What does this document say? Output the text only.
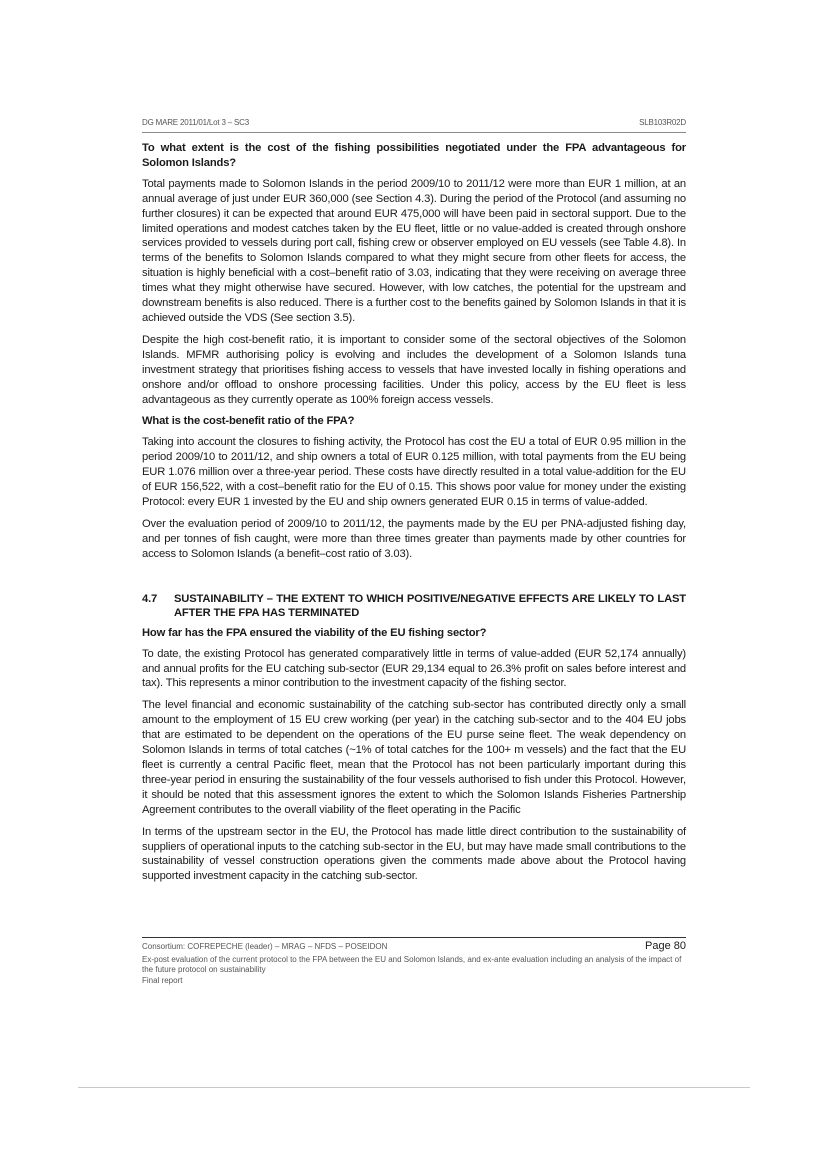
DG MARE 2011/01/Lot 3 – SC3	SLB103R02D
To what extent is the cost of the fishing possibilities negotiated under the FPA advantageous for Solomon Islands?

Total payments made to Solomon Islands in the period 2009/10 to 2011/12 were more than EUR 1 million, at an annual average of just under EUR 360,000 (see Section 4.3). During the period of the Protocol (and assuming no further closures) it can be expected that around EUR 475,000 will have been paid in sectoral support. Due to the limited operations and modest catches taken by the EU fleet, little or no value-added is created through onshore services provided to vessels during port call, fishing crew or observer employed on EU vessels (see Table 4.8). In terms of the benefits to Solomon Islands compared to what they might secure from other fleets for access, the situation is highly beneficial with a cost–benefit ratio of 3.03, indicating that they were receiving on average three times what they might otherwise have secured. However, with low catches, the potential for the upstream and downstream benefits is also reduced. There is a further cost to the benefits gained by Solomon Islands in that it is achieved outside the VDS (See section 3.5).

Despite the high cost-benefit ratio, it is important to consider some of the sectoral objectives of the Solomon Islands. MFMR authorising policy is evolving and includes the development of a Solomon Islands tuna investment strategy that prioritises fishing access to vessels that have invested locally in fishing operations and onshore and/or offload to onshore processing facilities. Under this policy, access by the EU fleet is less advantageous as they currently operate as 100% foreign access vessels.

What is the cost-benefit ratio of the FPA?

Taking into account the closures to fishing activity, the Protocol has cost the EU a total of EUR 0.95 million in the period 2009/10 to 2011/12, and ship owners a total of EUR 0.125 million, with total payments from the EU being EUR 1.076 million over a three-year period. These costs have directly resulted in a total value-addition for the EU of EUR 156,522, with a cost–benefit ratio for the EU of 0.15. This shows poor value for money under the existing Protocol: every EUR 1 invested by the EU and ship owners generated EUR 0.15 in terms of value-added.

Over the evaluation period of 2009/10 to 2011/12, the payments made by the EU per PNA-adjusted fishing day, and per tonnes of fish caught, were more than three times greater than payments made by other countries for access to Solomon Islands (a benefit–cost ratio of 3.03).

4.7	SUSTAINABILITY – THE EXTENT TO WHICH POSITIVE/NEGATIVE EFFECTS ARE LIKELY TO LAST AFTER THE FPA HAS TERMINATED
How far has the FPA ensured the viability of the EU fishing sector?

To date, the existing Protocol has generated comparatively little in terms of value-added (EUR 52,174 annually) and annual profits for the EU catching sub-sector (EUR 29,134 equal to 26.3% profit on sales before interest and tax). This represents a minor contribution to the investment capacity of the fishing sector.

The level financial and economic sustainability of the catching sub-sector has contributed directly only a small amount to the employment of 15 EU crew working (per year) in the catching sub-sector and to the 404 EU jobs that are estimated to be dependent on the operations of the EU purse seine fleet. The weak dependency on Solomon Islands in terms of total catches (~1% of total catches for the 100+ m vessels) and the fact that the EU fleet is currently a central Pacific fleet, mean that the Protocol has not been particularly important during this three-year period in ensuring the sustainability of the four vessels authorised to fish under this Protocol. However, it should be noted that this assessment ignores the extent to which the Solomon Islands Fisheries Partnership Agreement contributes to the overall viability of the fleet operating in the Pacific

In terms of the upstream sector in the EU, the Protocol has made little direct contribution to the sustainability of suppliers of operational inputs to the catching sub-sector in the EU, but may have made small contributions to the sustainability of vessel construction operations given the comments made above about the Protocol having supported investment capacity in the catching sub-sector.

Consortium: COFREPECHE (leader) – MRAG – NFDS – POSEIDON	Page 80
Ex-post evaluation of the current protocol to the FPA between the EU and Solomon Islands, and ex-ante evaluation including an analysis of the impact of the future protocol on sustainability
Final report
